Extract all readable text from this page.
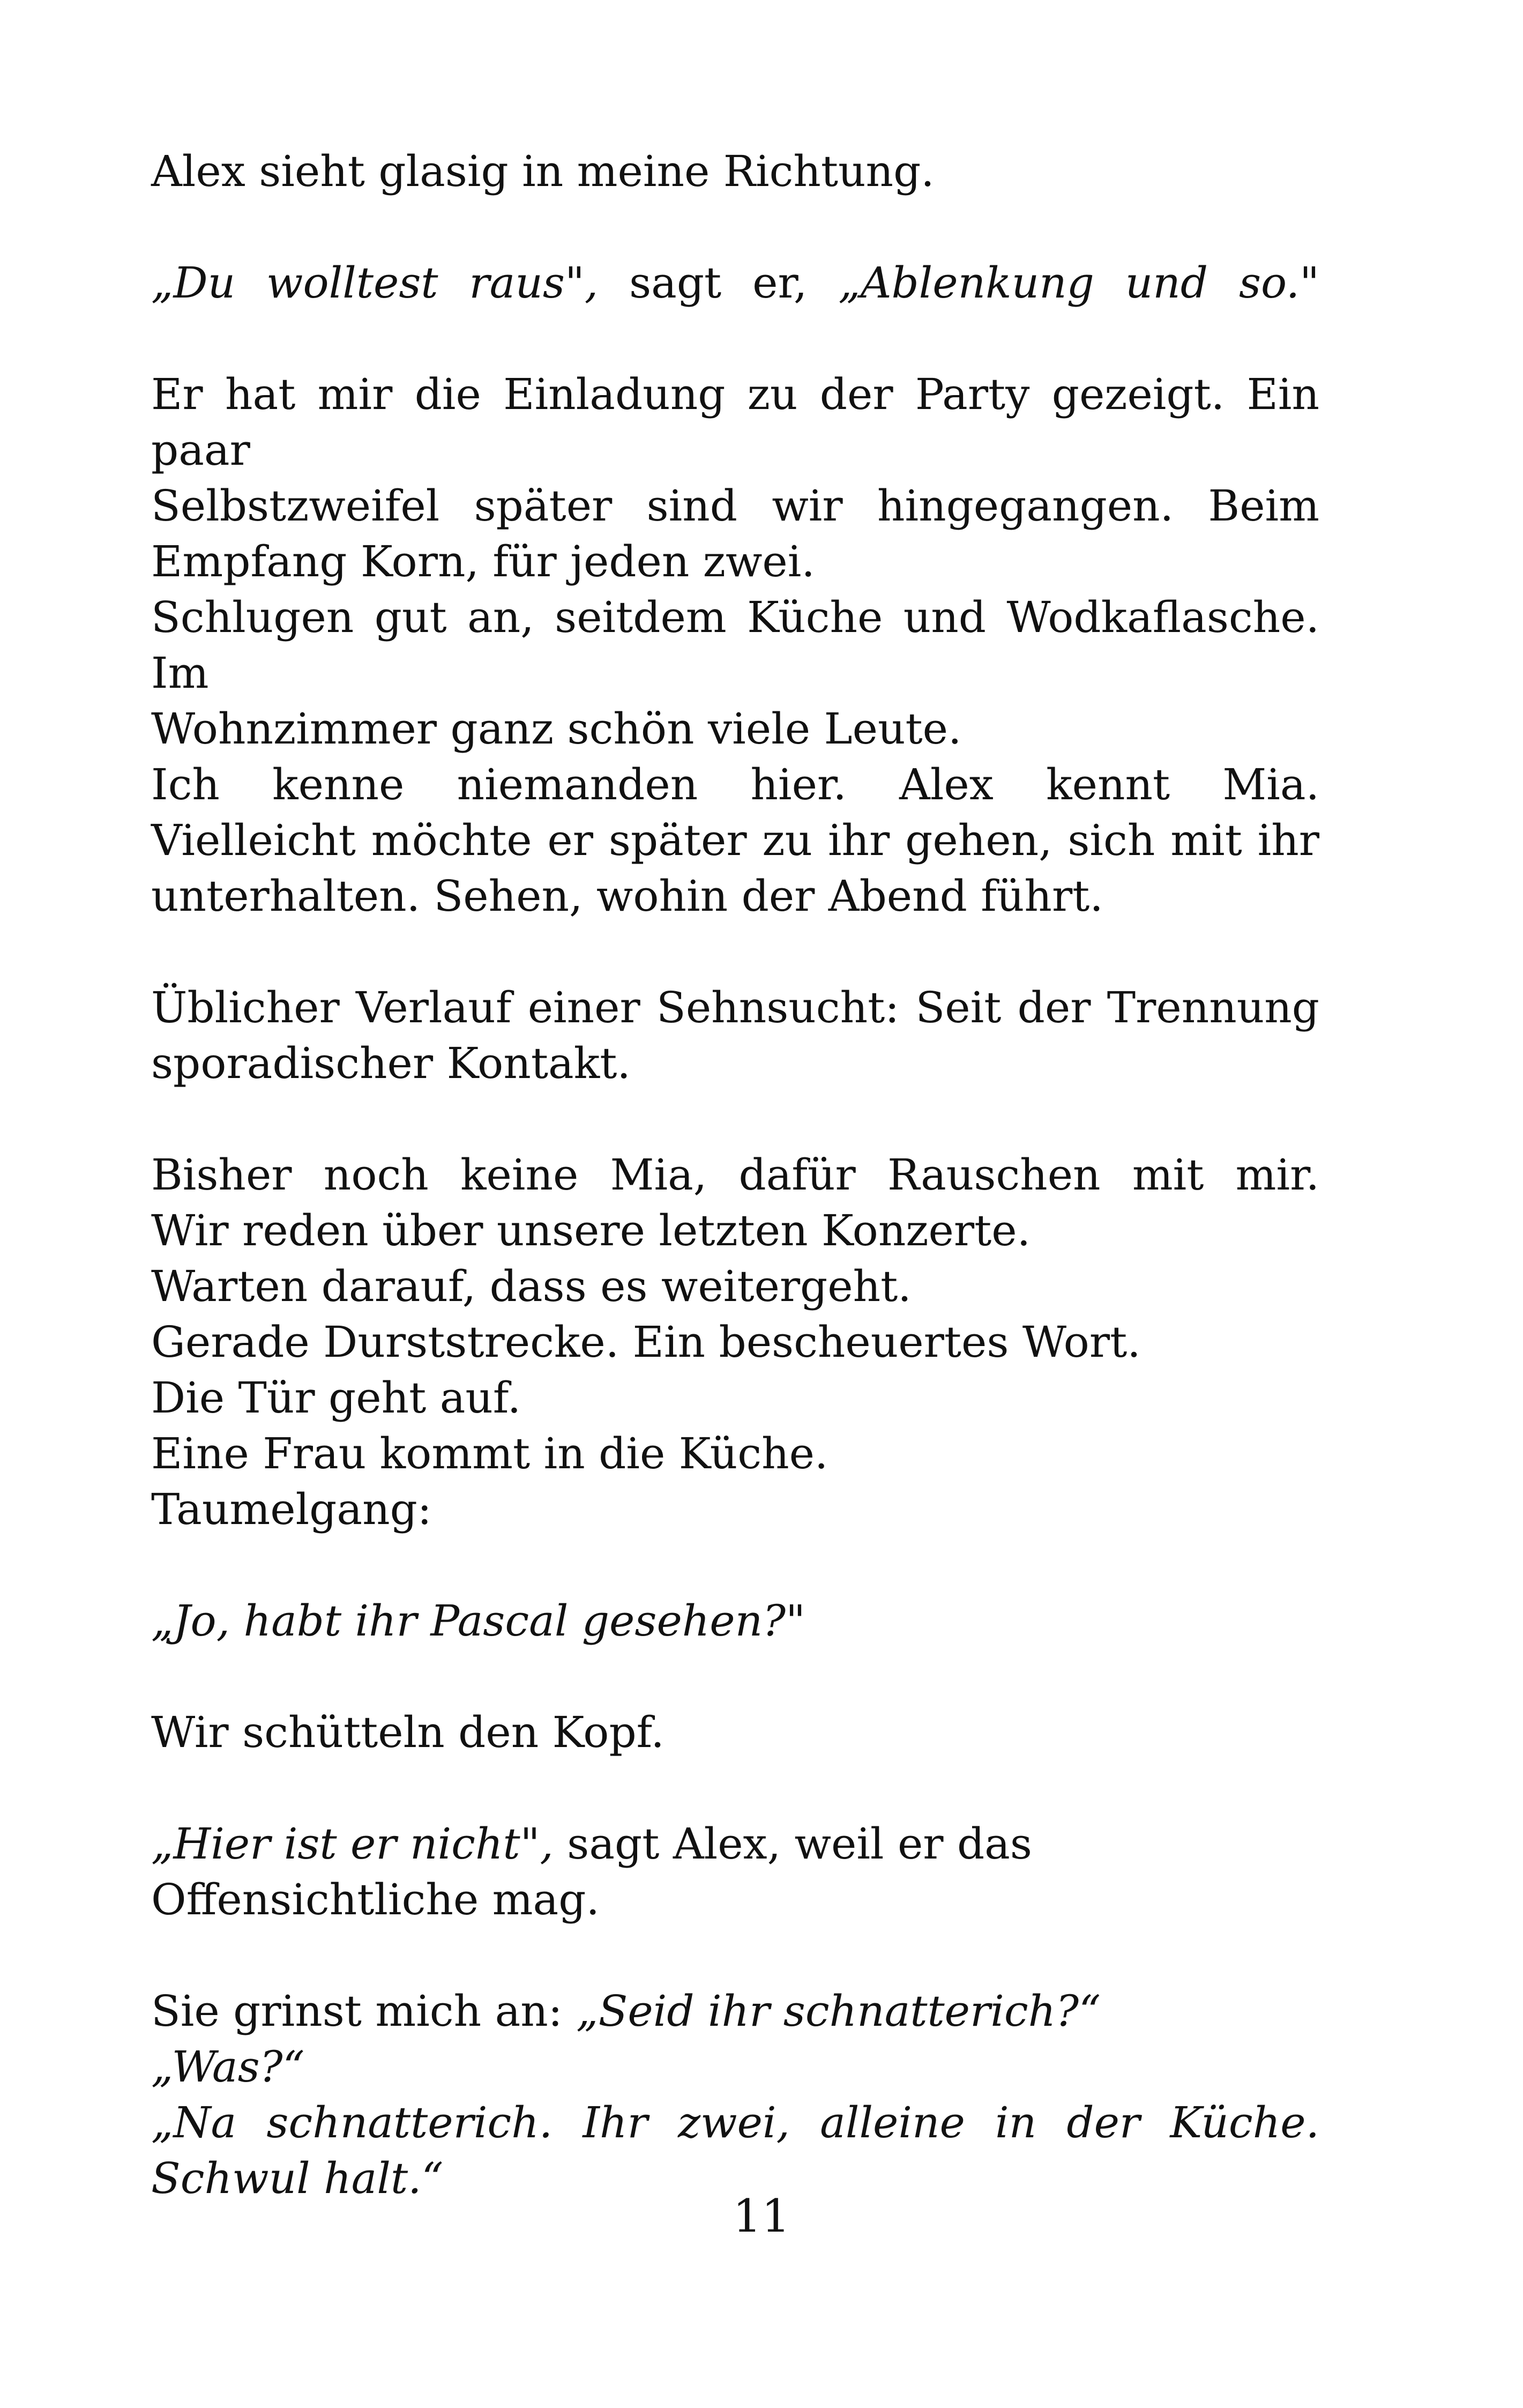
Alex sieht glasig in meine Richtung.
„Du wolltest raus", sagt er, „Ablenkung und so."
Er hat mir die Einladung zu der Party gezeigt. Ein paar
Selbstzweifel später sind wir hingegangen. Beim
Empfang Korn, für jeden zwei.
Schlugen gut an, seitdem Küche und Wodkaflasche. Im
Wohnzimmer ganz schön viele Leute.
Ich kenne niemanden hier. Alex kennt Mia.
Vielleicht möchte er später zu ihr gehen, sich mit ihr
unterhalten. Sehen, wohin der Abend führt.
Üblicher Verlauf einer Sehnsucht: Seit der Trennung
sporadischer Kontakt.
Bisher noch keine Mia, dafür Rauschen mit mir.
Wir reden über unsere letzten Konzerte.
Warten darauf, dass es weitergeht.
Gerade Durststrecke. Ein bescheuertes Wort.
Die Tür geht auf.
Eine Frau kommt in die Küche.
Taumelgang:
„Jo, habt ihr Pascal gesehen?"
Wir schütteln den Kopf.
„Hier ist er nicht", sagt Alex, weil er das
Offensichtliche mag.
Sie grinst mich an: „Seid ihr schnatterich?“
„Was?“
„Na schnatterich. Ihr zwei, alleine in der Küche.
Schwul halt.“
11
